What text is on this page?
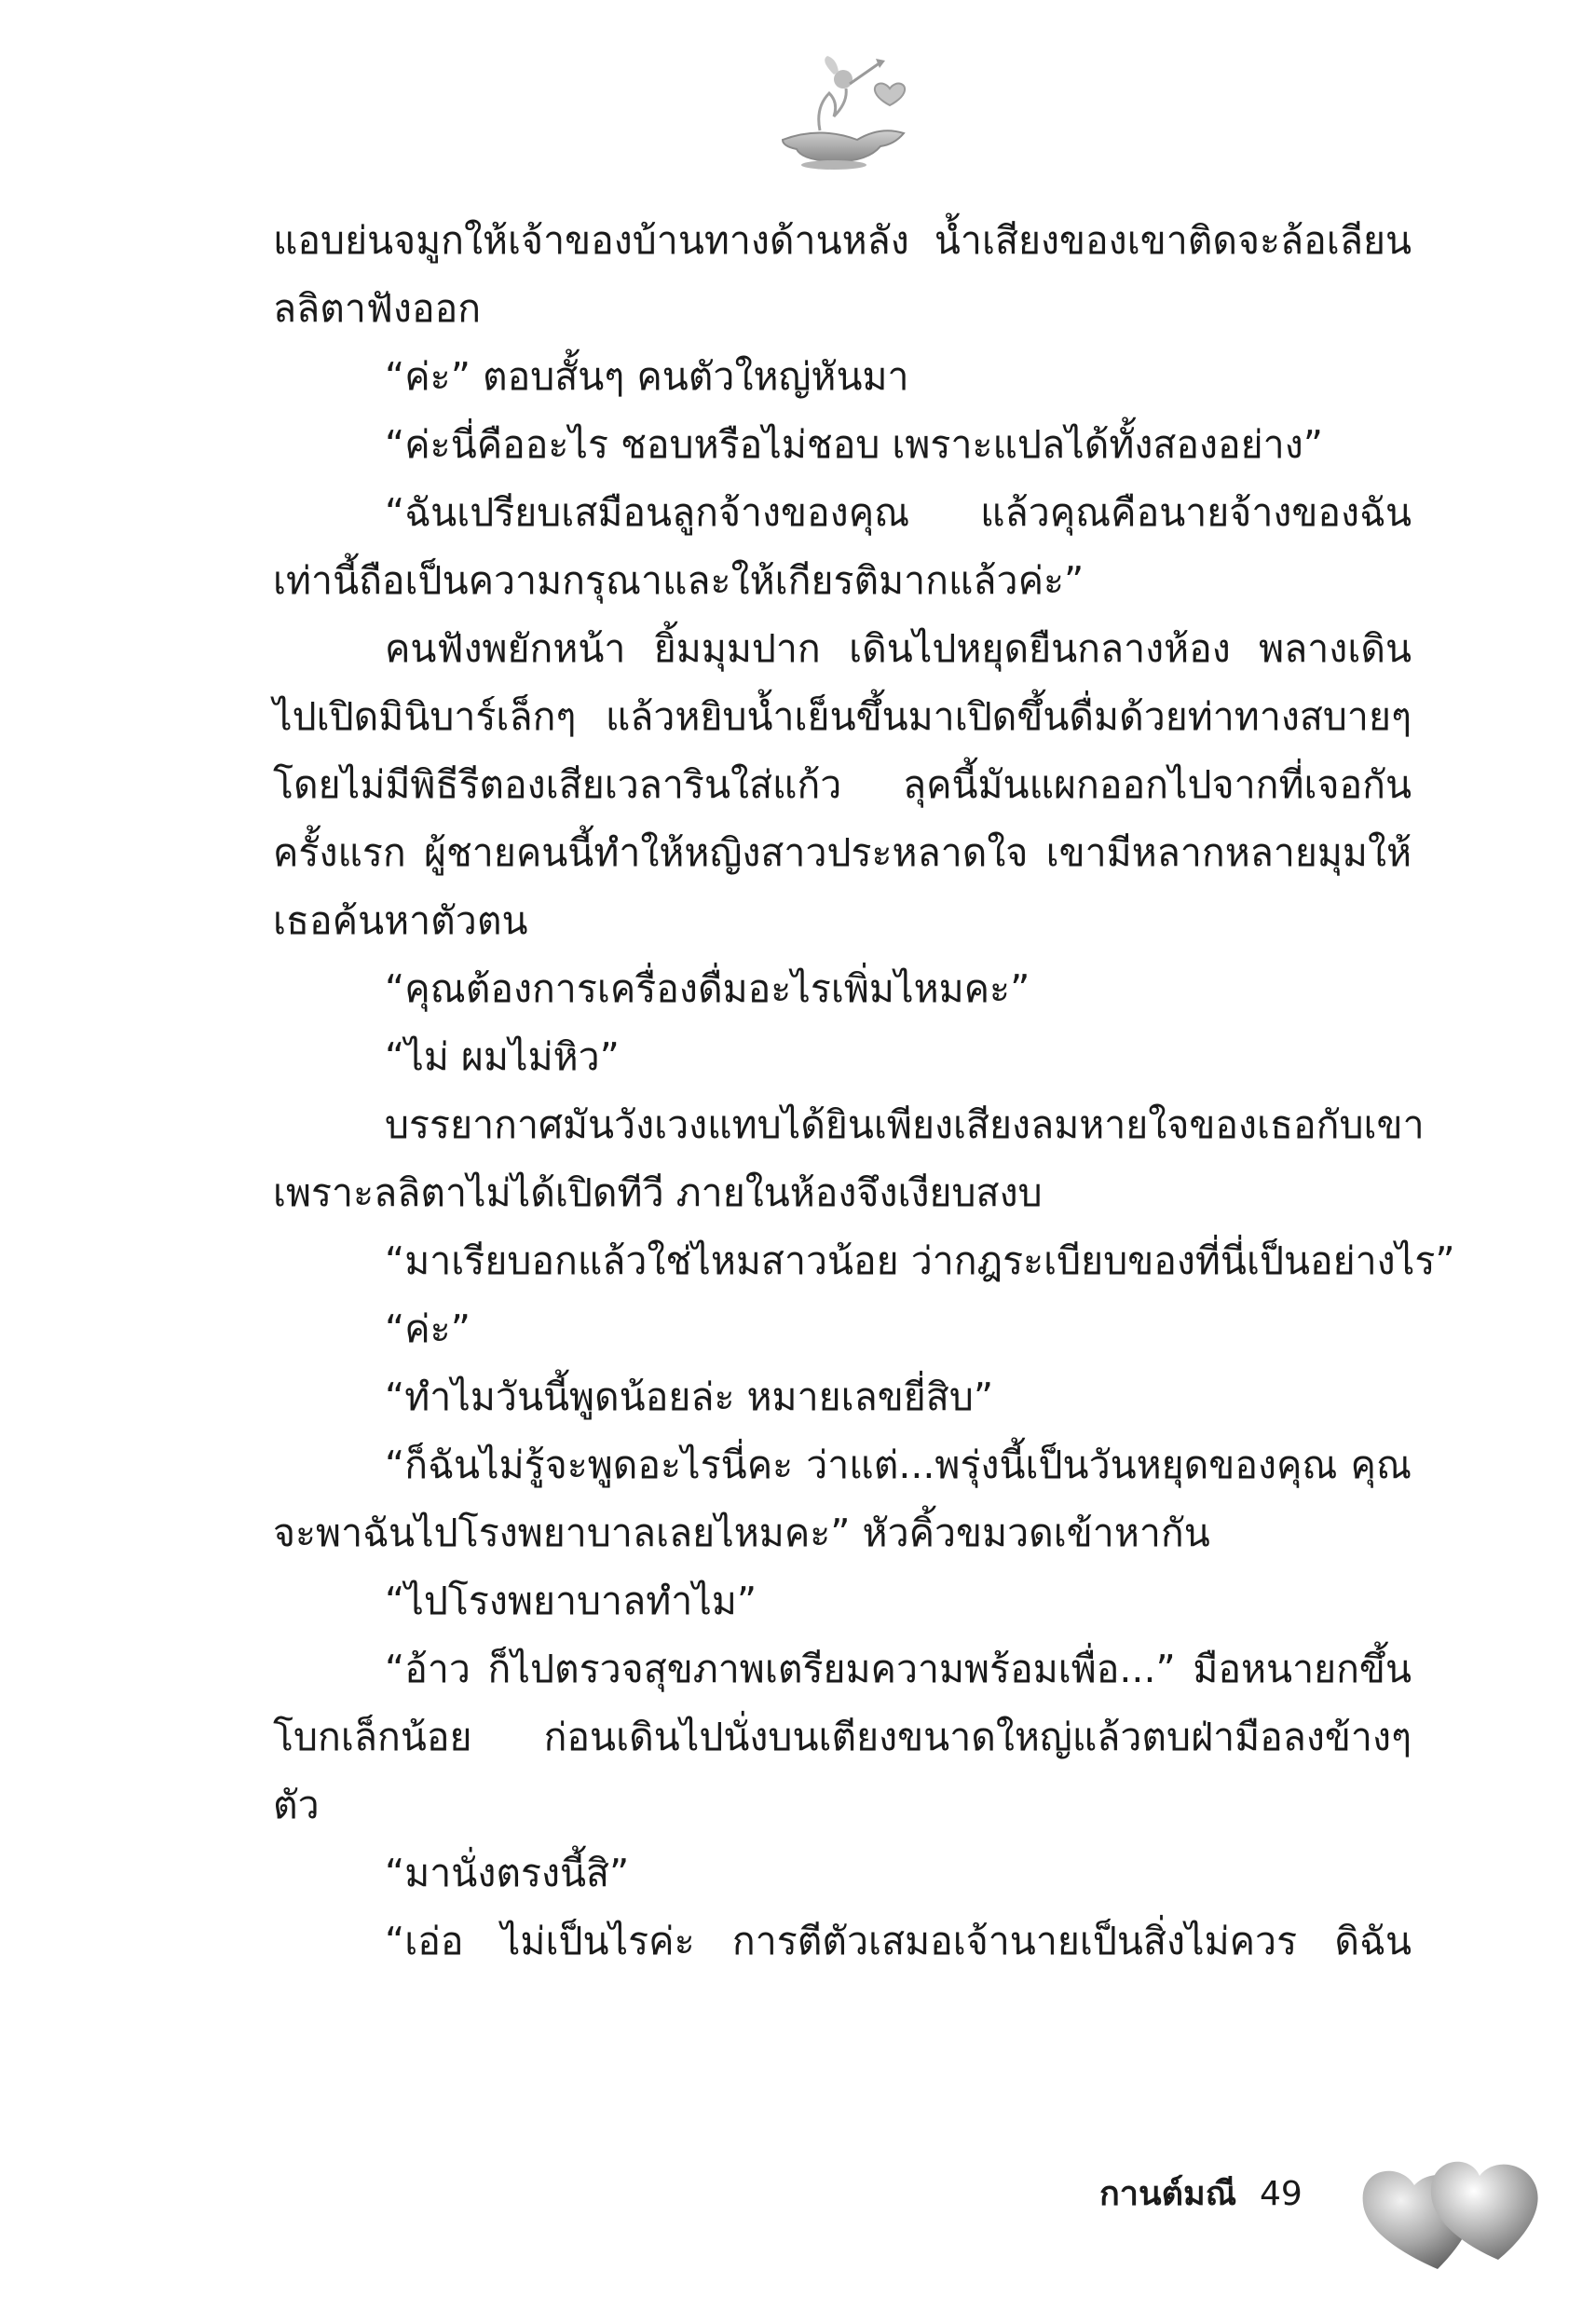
แอบย่นจมูกให้เจ้าของบ้านทางด้านหลัง น้ำเสียงของเขาติดจะล้อเลียน
ลลิตาฟังออก
“ค่ะ” ตอบสั้นๆ คนตัวใหญ่หันมา
“ค่ะนี่คืออะไร ชอบหรือไม่ชอบ เพราะแปลได้ทั้งสองอย่าง”
“ฉันเปรียบเสมือนลูกจ้างของคุณ แล้วคุณคือนายจ้างของฉัน
เท่านี้ถือเป็นความกรุณาและให้เกียรติมากแล้วค่ะ”
คนฟังพยักหน้า ยิ้มมุมปาก เดินไปหยุดยืนกลางห้อง พลางเดิน
ไปเปิดมินิบาร์เล็กๆ แล้วหยิบน้ำเย็นขึ้นมาเปิดขึ้นดื่มด้วยท่าทางสบายๆ
โดยไม่มีพิธีรีตองเสียเวลารินใส่แก้ว ลุคนี้มันแผกออกไปจากที่เจอกัน
ครั้งแรก ผู้ชายคนนี้ทำให้หญิงสาวประหลาดใจ เขามีหลากหลายมุมให้
เธอค้นหาตัวตน
“คุณต้องการเครื่องดื่มอะไรเพิ่มไหมคะ”
“ไม่ ผมไม่หิว”
บรรยากาศมันวังเวงแทบได้ยินเพียงเสียงลมหายใจของเธอกับเขา
เพราะลลิตาไม่ได้เปิดทีวี ภายในห้องจึงเงียบสงบ
“มาเรียบอกแล้วใช่ไหมสาวน้อย ว่ากฎระเบียบของที่นี่เป็นอย่างไร”
“ค่ะ”
“ทำไมวันนี้พูดน้อยล่ะ หมายเลขยี่สิบ”
“ก็ฉันไม่รู้จะพูดอะไรนี่คะ ว่าแต่...พรุ่งนี้เป็นวันหยุดของคุณ คุณ
จะพาฉันไปโรงพยาบาลเลยไหมคะ” หัวคิ้วขมวดเข้าหากัน
“ไปโรงพยาบาลทำไม”
“อ้าว ก็ไปตรวจสุขภาพเตรียมความพร้อมเพื่อ...” มือหนายกขึ้น
โบกเล็กน้อย ก่อนเดินไปนั่งบนเตียงขนาดใหญ่แล้วตบฝ่ามือลงข้างๆ
ตัว
“มานั่งตรงนี้สิ”
“เอ่อ ไม่เป็นไรค่ะ การตีตัวเสมอเจ้านายเป็นสิ่งไม่ควร ดิฉัน
กานต์มณี 49
